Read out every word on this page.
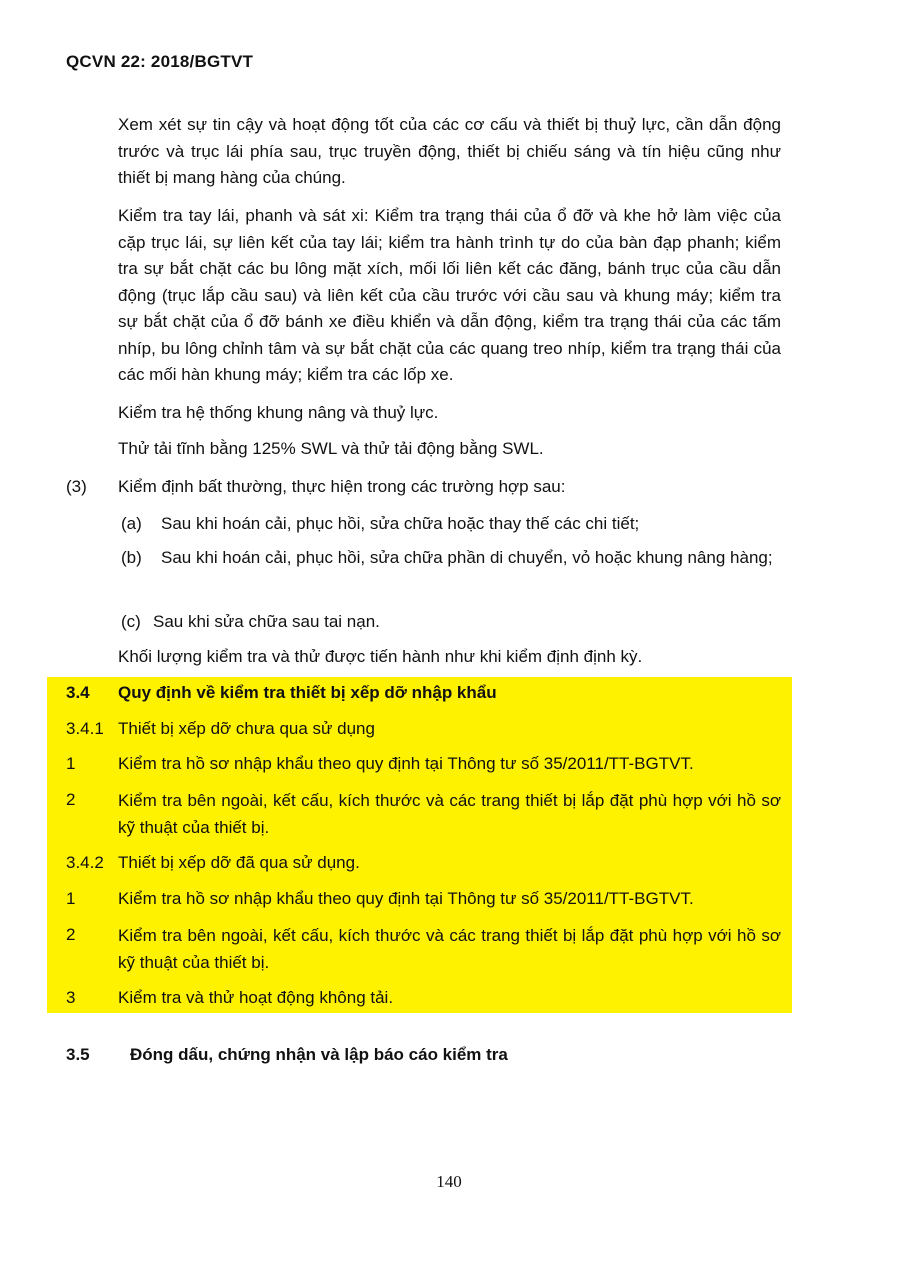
QCVN 22: 2018/BGTVT
Xem xét sự tin cậy và hoạt động tốt của các cơ cấu và thiết bị thuỷ lực, cần dẫn động trước và trục lái phía sau, trục truyền động, thiết bị chiếu sáng và tín hiệu cũng như thiết bị mang hàng của chúng.
Kiểm tra tay lái, phanh và sát xi: Kiểm tra trạng thái của ổ đỡ và khe hở làm việc của cặp trục lái, sự liên kết của tay lái; kiểm tra hành trình tự do của bàn đạp phanh; kiểm tra sự bắt chặt các bu lông mặt xích, mối lối liên kết các đăng, bánh trục của cầu dẫn động (trục lắp cầu sau) và liên kết của cầu trước với cầu sau và khung máy; kiểm tra sự bắt chặt của ổ đỡ bánh xe điều khiển và dẫn động, kiểm tra trạng thái của các tấm nhíp, bu lông chỉnh tâm và sự bắt chặt của các quang treo nhíp, kiểm tra trạng thái của các mối hàn khung máy; kiểm tra các lốp xe.
Kiểm tra hệ thống khung nâng và thuỷ lực.
Thử tải tĩnh bằng 125% SWL và thử tải động bằng SWL.
(3) Kiểm định bất thường, thực hiện trong các trường hợp sau:
(a) Sau khi hoán cải, phục hồi, sửa chữa hoặc thay thế các chi tiết;
(b) Sau khi hoán cải, phục hồi, sửa chữa phần di chuyển, vỏ hoặc khung nâng hàng;
(c) Sau khi sửa chữa sau tai nạn.
Khối lượng kiểm tra và thử được tiến hành như khi kiểm định định kỳ.
3.4 Quy định về kiểm tra thiết bị xếp dỡ nhập khẩu
3.4.1 Thiết bị xếp dỡ chưa qua sử dụng
1	Kiểm tra hồ sơ nhập khẩu theo quy định tại Thông tư số 35/2011/TT-BGTVT.
2	Kiểm tra bên ngoài, kết cấu, kích thước và các trang thiết bị lắp đặt phù hợp với hồ sơ kỹ thuật của thiết bị.
3.4.2 Thiết bị xếp dỡ đã qua sử dụng.
1	Kiểm tra hồ sơ nhập khẩu theo quy định tại Thông tư số 35/2011/TT-BGTVT.
2	Kiểm tra bên ngoài, kết cấu, kích thước và các trang thiết bị lắp đặt phù hợp với hồ sơ kỹ thuật của thiết bị.
3	Kiểm tra và thử hoạt động không tải.
3.5 Đóng dấu, chứng nhận và lập báo cáo kiểm tra
140
